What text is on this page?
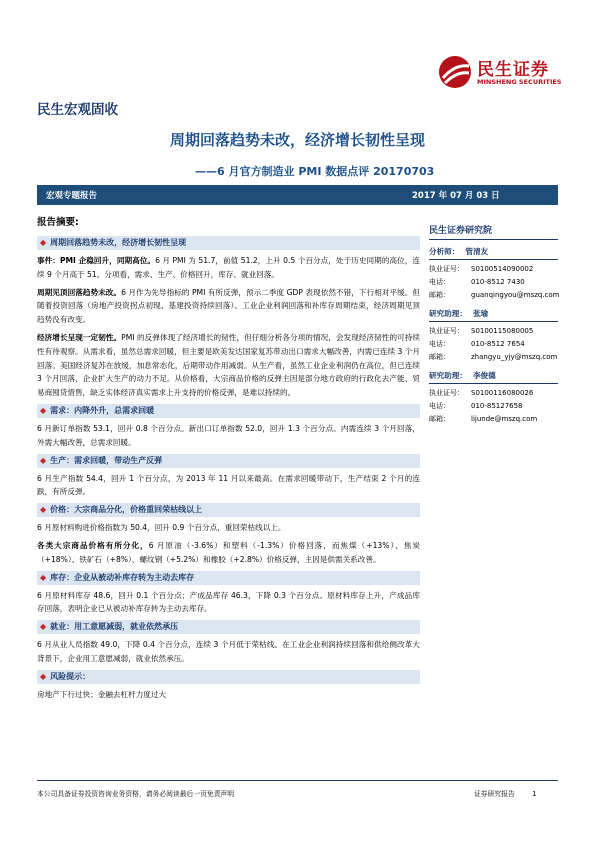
民生证券
MINSHENG SECURITIES
民生宏观固收
周期回落趋势未改，经济增长韧性呈现
——6 月官方制造业 PMI 数据点评 20170703
宏观专题报告	2017 年 07 月 03 日
报告摘要:
◆ 周期回落趋势未改，经济增长韧性呈现
事件：PMI 企稳回升，同期高位。6 月 PMI 为 51.7，前值 51.2，上升 0.5 个百分点，处于历史同期的高位，连续 9 个月高于 51。分项看，需求、生产、价格回升，库存、就业回落。
周期见顶回落趋势未改。6 月作为先导指标的 PMI 有所反弹，预示二季度 GDP 表现依然不错，下行相对平缓。但随着投资回落（房地产投资拐点初现、基建投资持续回落）、工业企业利润回落和补库存周期结束，经济周期见顶趋势没有改变。
经济增长呈现一定韧性。PMI 的反弹体现了经济增长的韧性，但仔细分析各分项的情况，会发现经济韧性的可持续性有待观察。从需求看，虽然总需求回暖，但主要是欧美发达国家复苏带动出口需求大幅改善，内需已连续 3 个月回落。美国经济复苏在放缓，加息常态化，后期带动作用减弱。从生产看，虽然工业企业利润仍在高位，但已连续 3 个月回落，企业扩大生产的动力不足。从价格看，大宗商品价格的反弹主因是部分地方政府的行政化去产能、贸易商囤货惜售，缺乏实体经济真实需求上升支持的价格反弹，是难以持续的。
◆ 需求：内降外升，总需求回暖
6 月新订单指数 53.1，回升 0.8 个百分点。新出口订单指数 52.0，回升 1.3 个百分点。内需连续 3 个月回落，外需大幅改善，总需求回暖。
◆ 生产：需求回暖，带动生产反弹
6 月生产指数 54.4，回升 1 个百分点，为 2013 年 11 月以来最高。在需求回暖带动下，生产结束 2 个月的连跌，有所反弹。
◆ 价格：大宗商品分化，价格重回荣枯线以上
6 月原材料购进价格指数为 50.4，回升 0.9 个百分点，重回荣枯线以上。
各类大宗商品价格有所分化，6 月原油（-3.6%）和塑料（-1.3%）价格回落，而焦煤（+13%）、焦炭（+18%）、铁矿石（+8%）、螺纹钢（+5.2%）和橡胶（+2.8%）价格反弹，主因是供需关系改善。
◆ 库存：企业从被动补库存转为主动去库存
6 月原材料库存 48.6，回升 0.1 个百分点；产成品库存 46.3，下降 0.3 个百分点。原材料库存上升，产成品库存回落，表明企业已从被动补库存转为主动去库存。
◆ 就业：用工意愿减弱，就业依然承压
6 月从业人员指数 49.0，下降 0.4 个百分点，连续 3 个月低于荣枯线。在工业企业利润持续回落和供给侧改革大背景下，企业用工意愿减弱，就业依然承压。
◆ 风险提示：
房地产下行过快；金融去杠杆力度过大
民生证券研究院
分析师： 管清友
执业证号：	S0100514090002
电话：	010-8512 7430
邮箱：	guanqingyou@mszq.com
研究助理： 张瑜
执业证号：	S0100115080005
电话：	010-8512 7654
邮箱：	zhangyu_yjy@mszq.com
研究助理： 李俊德
执业证号：	S0100116080026
电话：	010-85127658
邮箱：	lijunde@mszq.com
本公司具备证券投资咨询业务资格，请务必阅读最后一页免责声明	证券研究报告        1
